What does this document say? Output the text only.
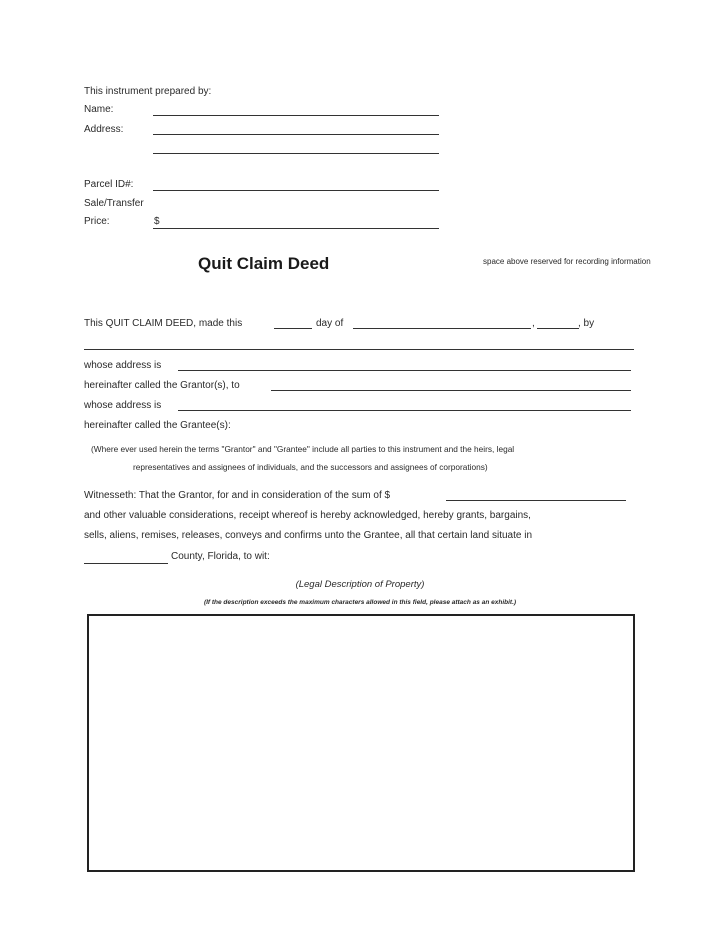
This instrument prepared by:
Name:
Address:
Parcel ID#:
Sale/Transfer
Price:	$
Quit Claim Deed	space above reserved for recording information
This QUIT CLAIM DEED, made this	day of	,	, by
whose address is
hereinafter called the Grantor(s), to
whose address is
hereinafter called the Grantee(s):
(Where ever used herein the terms "Grantor" and "Grantee" include all parties to this instrument and the heirs, legal
representatives and assignees of individuals, and the successors and assignees of corporations)
Witnesseth: That the Grantor, for and in consideration of the sum of $
and other valuable considerations, receipt whereof is hereby acknowledged, hereby grants, bargains,
sells, aliens, remises, releases, conveys and confirms unto the Grantee, all that certain land situate in
County, Florida, to wit:
(Legal Description of Property)
(If the description exceeds the maximum characters allowed in this field, please attach as an exhibit.)
